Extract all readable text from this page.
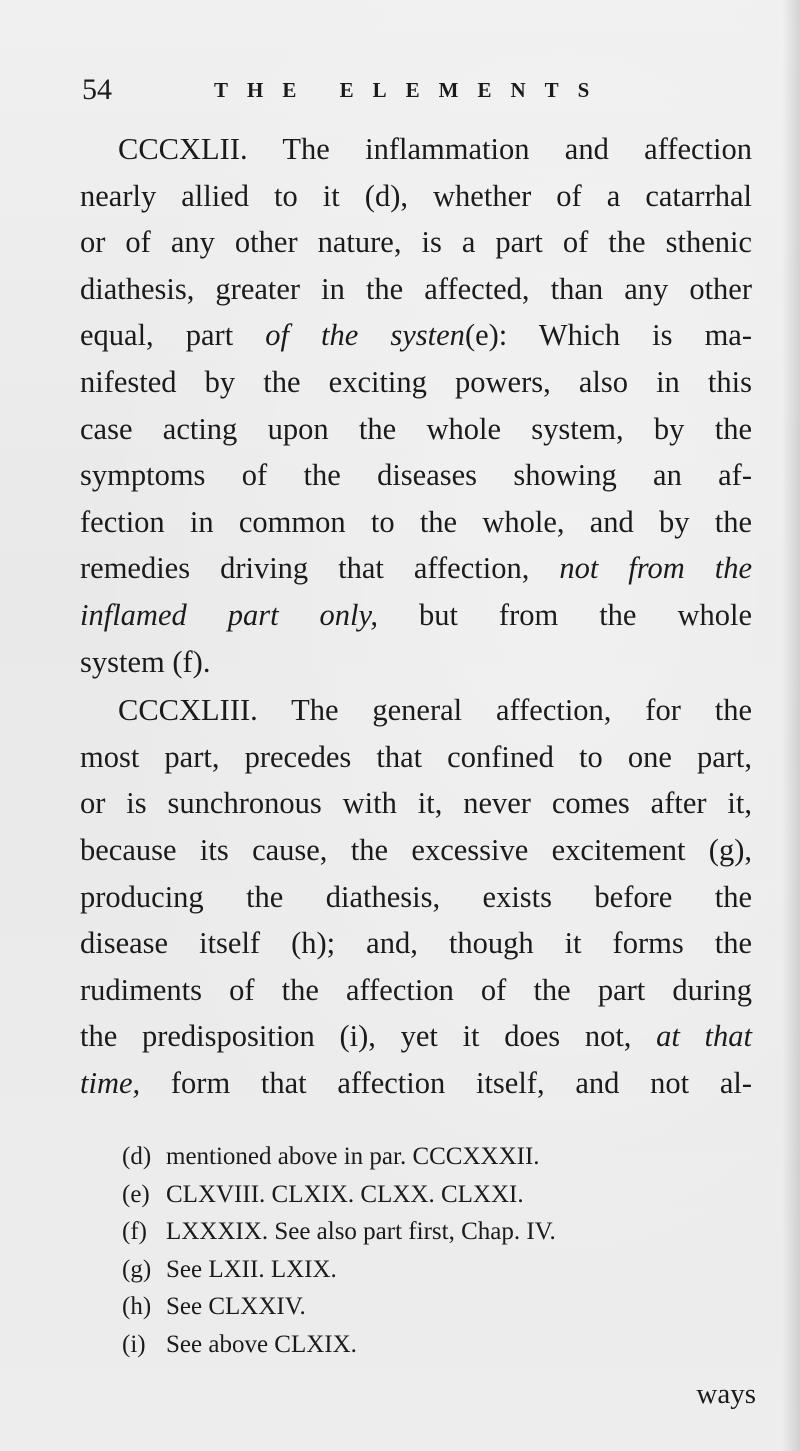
54	THE ELEMENTS
CCCXLII. The inflammation and affection
nearly allied to it (d), whether of a catarrhal
or of any other nature, is a part of the sthenic
diathesis, greater in the affected, than any other
equal, part of the systen(e): Which is ma-
nifested by the exciting powers, also in this
case acting upon the whole system, by the
symptoms of the diseases showing an af-
fection in common to the whole, and by the
remedies driving that affection, not from the
inflamed part only, but from the whole
system (f).
CCCXLIII. The general affection, for the
most part, precedes that confined to one part,
or is sunchronous with it, never comes after it,
because its cause, the excessive excitement (g),
producing the diathesis, exists before the
disease itself (h); and, though it forms the
rudiments of the affection of the part during
the predisposition (i), yet it does not, at that
time, form that affection itself, and not al-
(d) mentioned above in par. CCCXXXII.
(e) CLXVIII. CLXIX. CLXX. CLXXI.
(f) LXXXIX. See also part first, Chap. IV.
(g) See LXII. LXIX.
(h) See CLXXIV.
(i) See above CLXIX.
ways
